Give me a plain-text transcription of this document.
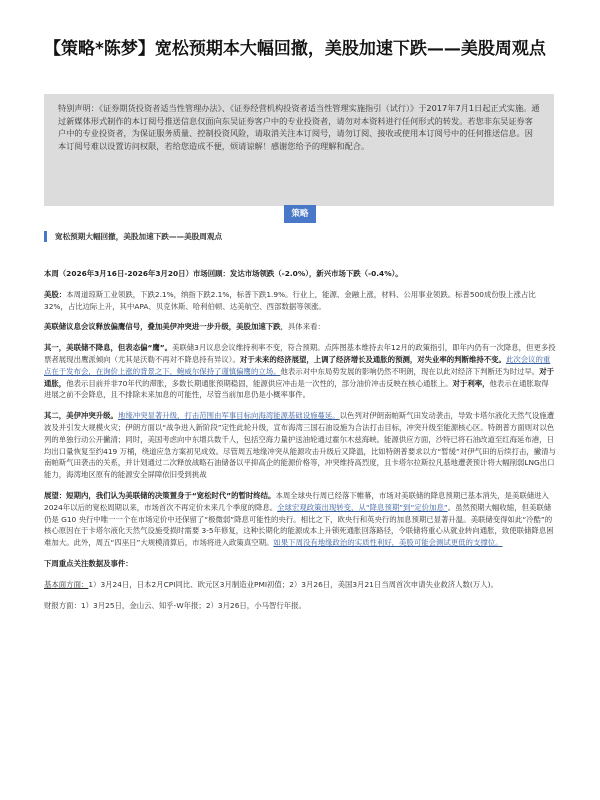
【策略*陈梦】宽松预期本大幅回撤，美股加速下跌——美股周观点
特别声明：《证券期货投资者适当性管理办法》、《证券经营机构投资者适当性管理实施指引（试行）》于2017年7月1日起正式实施。通过新媒体形式制作的本订阅号推送信息仅面向东吴证券客户中的专业投资者，请勿对本资料进行任何形式的转发。若您非东吴证券客户中的专业投资者，为保证服务质量、控制投资风险，请取消关注本订阅号，请勿订阅、接收或使用本订阅号中的任何推送信息。因本订阅号难以设置访问权限，若给您造成不便，烦请谅解！感谢您给予的理解和配合。
策略
宽松预期大幅回撤，美股加速下跌——美股周观点

本周（2026年3月16日-2026年3月20日）市场回顾：发达市场领跌（-2.0%），新兴市场下跌（-0.4%）。

美股：本周道琼斯工业领跌，下跌2.1%，纳指下跌2.1%，标普下跌1.9%。行业上，能源、金融上涨，材料、公用事业领跌。标普500成份股上涨占比32%，占比边际上升，其中APA、贝克休斯、哈利伯顿、达美航空、西部数据等领涨。

美联储议息会议释放偏鹰信号，叠加美伊冲突进一步升级，美股加速下跌，具体来看：

其一，美联储不降息，但表态偏“鹰”。美联储3月议息会议维持利率不变，符合预期。点阵图基本维持去年12月的政策指引，即年内仍有一次降息，但更多投票者展现出鹰派倾向（尤其是沃勒不再对不降息持有异议）。对于未来的经济展望，上调了经济增长及通胀的预测，对失业率的判断维持不变。此次会议的重点在于发布会，在询价上涨的背景之下，鲍威尔保持了谨慎偏鹰的立场。他表示对中东局势发展的影响仍然不明朗，现在以此对经济下判断还为时过早。对于通胀，他表示目前并非70年代的滞胀，多数长期通胀预期稳固，能源供应冲击是一次性的，部分油价冲击反映在核心通胀上。对于利率，他表示在通胀取得进展之前不会降息，且不排除未来加息的可能性，尽管当前加息仍是小概率事件。

其二，美伊冲突升级。地缘冲突显著升级，打击范围由军事目标向海湾能源基础设施蔓延。以色列对伊朗南帕斯气田发动袭击，导致卡塔尔液化天然气设施遭波及并引发大规模火灾；伊朗方面以“战争进入新阶段”定性此轮升级，宣布海湾三国石油设施为合法打击目标，冲突升级至能源核心区。特朗普方面则对以色列的单独行动公开撇清；同时，美国考虑向中东增兵数千人，包括空海力量护送油轮通过霍尔木兹海峡。能源供应方面，沙特已将石油改道至红海延布港，日均出口量恢复至约419 万桶，绕道应急方案初见成效。尽管周五地缘冲突从能源攻击升级后又降温，比如特朗普要求以方“暂缓”对伊气田的后续打击，撇清与南帕斯气田袭击的关系，并计划通过二次释放战略石油储备以平抑高企的能源价格等，冲突维持高烈度，且卡塔尔拉斯拉凡基地遭袭预计将大幅削弱LNG出口能力，海湾地区原有的能源安全屏障依旧受到挑战

展望：短期内，我们认为美联储的决策置身于“宽松时代”的暂时终结。本周全球央行周已经落下帷幕，市场对美联储的降息预期已基本消失，是美联储进入2024年以后的宽松周期以来，市场首次不再定价未来几个季度的降息。全球宏观政策出现转变，从“降息预期”到“定价加息”。虽然预期大幅收缩，但美联储仍是 G10 央行中唯一一个在市场定价中还保留了“极微弱”降息可能性的央行。相比之下，欧央行和英央行的加息预期已显著升温。美联储变得如此“冷酷”的核心原因在于卡塔尔液化天然气设施受损时需要 3-5年修复，这种长期化的能源成本上升锁死通胀回落路径，令联储将重心从就业转向通胀，致使联储降息困难加大。此外，周五“四巫日”大规模清算后，市场将进入政策真空期。如果下周没有地缘政治的实质性利好，美股可能会测试更低的支撑位。

下周重点关注数据及事件：

基本面方面：1）3月24日，日本2月CPI同比、欧元区3月制造业PMI初值；2）3月26日，美国3月21日当周首次申请失业救济人数(万人)。

财报方面：1）3月25日，金山云、知乎-W年报；2）3月26日，小马智行年报。
